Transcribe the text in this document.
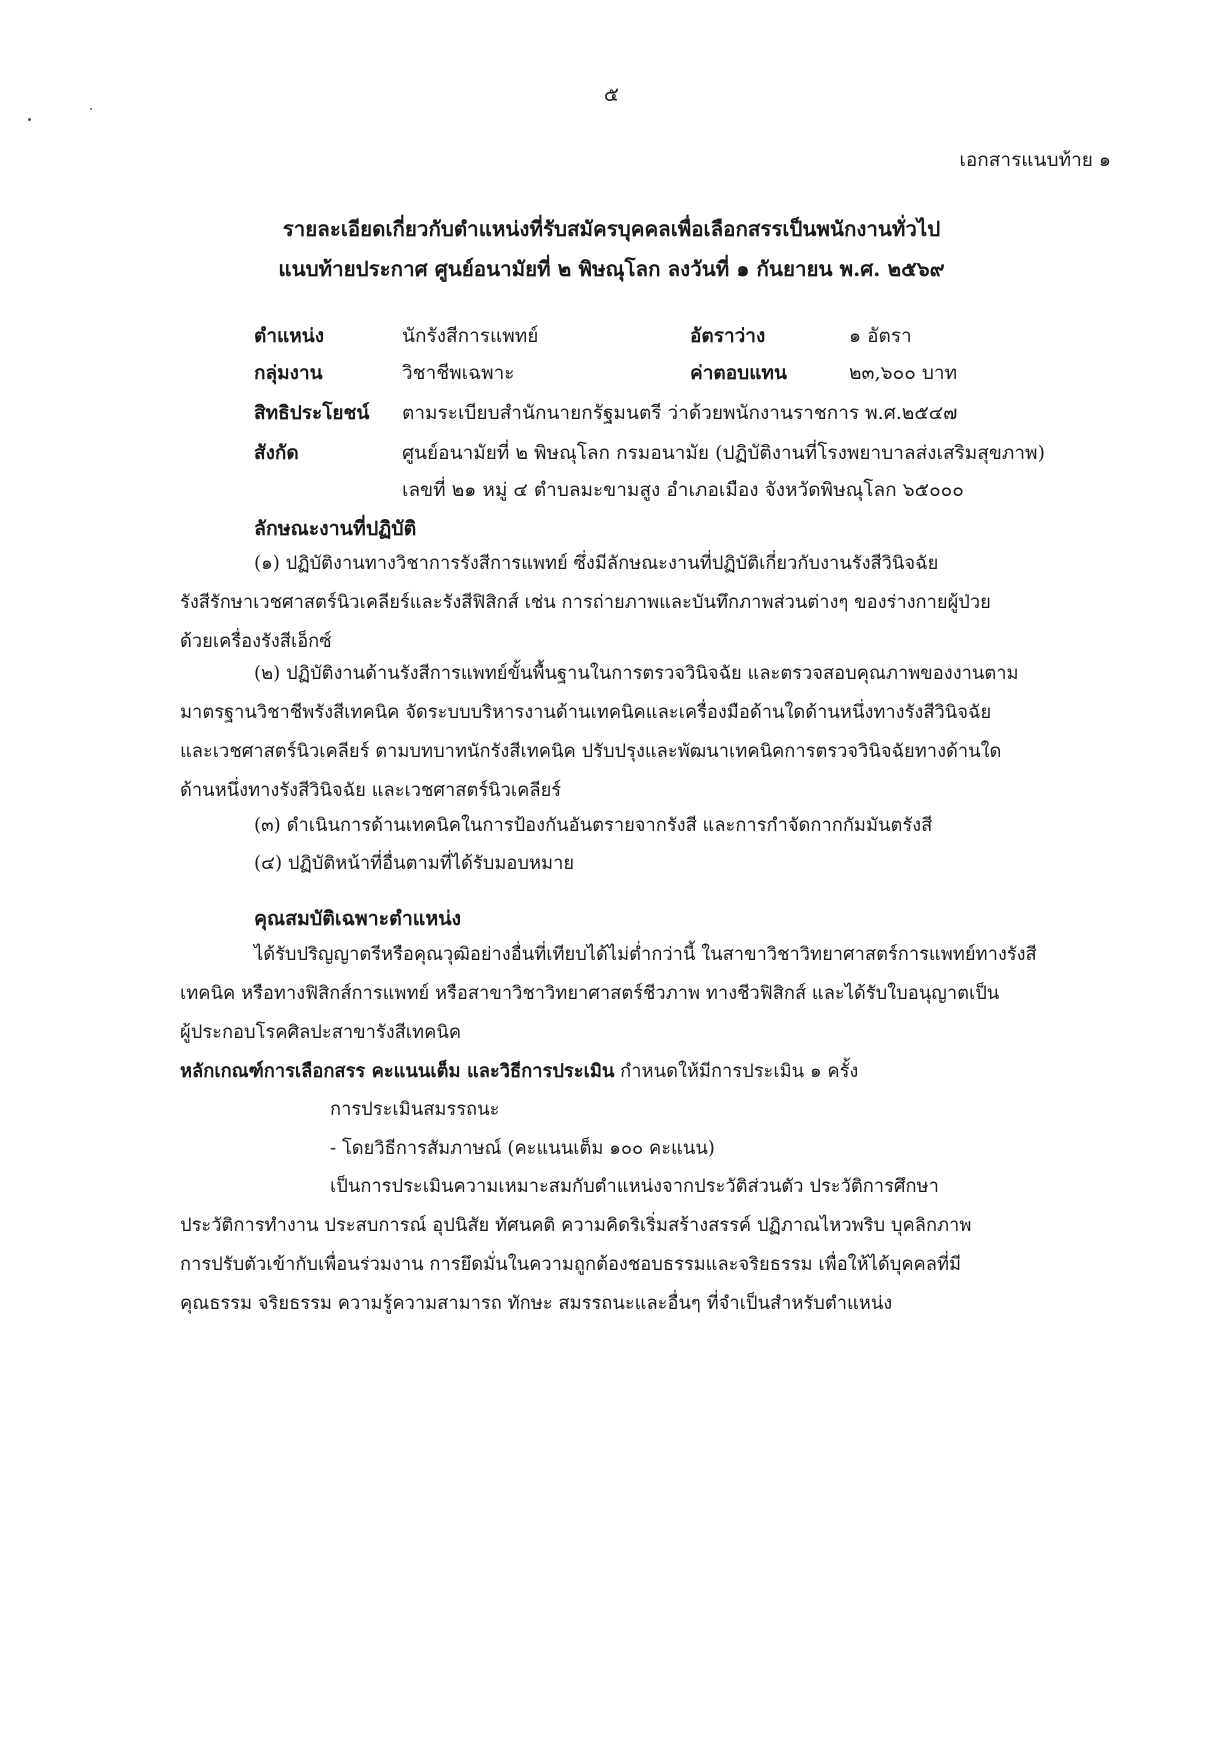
๕
เอกสารแนบท้าย ๑
รายละเอียดเกี่ยวกับตำแหน่งที่รับสมัครบุคคลเพื่อเลือกสรรเป็นพนักงานทั่วไป
แนบท้ายประกาศ ศูนย์อนามัยที่ ๒ พิษณุโลก ลงวันที่ ๑ กันยายน พ.ศ. ๒๕๖๙
ตำแหน่ง	นักรังสีการแพทย์	อัตราว่าง	๑ อัตรา
กลุ่มงาน	วิชาชีพเฉพาะ	ค่าตอบแทน	๒๓,๖๐๐ บาท
สิทธิประโยชน์ ตามระเบียบสำนักนายกรัฐมนตรี ว่าด้วยพนักงานราชการ พ.ศ.๒๕๔๗
สังกัด	ศูนย์อนามัยที่ ๒ พิษณุโลก กรมอนามัย (ปฏิบัติงานที่โรงพยาบาลส่งเสริมสุขภาพ)
เลขที่ ๒๑ หมู่ ๔ ตำบลมะขามสูง อำเภอเมือง จังหวัดพิษณุโลก ๖๕๐๐๐
ลักษณะงานที่ปฏิบัติ
(๑) ปฏิบัติงานทางวิชาการรังสีการแพทย์ ซึ่งมีลักษณะงานที่ปฏิบัติเกี่ยวกับงานรังสีวินิจฉัย
รังสีรักษาเวชศาสตร์นิวเคลียร์และรังสีฟิสิกส์ เช่น การถ่ายภาพและบันทึกภาพส่วนต่างๆ ของร่างกายผู้ป่วย
ด้วยเครื่องรังสีเอ็กซ์
(๒) ปฏิบัติงานด้านรังสีการแพทย์ขั้นพื้นฐานในการตรวจวินิจฉัย และตรวจสอบคุณภาพของงานตาม
มาตรฐานวิชาชีพรังสีเทคนิค จัดระบบบริหารงานด้านเทคนิคและเครื่องมือด้านใดด้านหนึ่งทางรังสีวินิจฉัย
และเวชศาสตร์นิวเคลียร์ ตามบทบาทนักรังสีเทคนิค ปรับปรุงและพัฒนาเทคนิคการตรวจวินิจฉัยทางด้านใด
ด้านหนึ่งทางรังสีวินิจฉัย และเวชศาสตร์นิวเคลียร์
(๓) ดำเนินการด้านเทคนิคในการป้องกันอันตรายจากรังสี และการกำจัดกากกัมมันตรังสี
(๔) ปฏิบัติหน้าที่อื่นตามที่ได้รับมอบหมาย
คุณสมบัติเฉพาะตำแหน่ง
ได้รับปริญญาตรีหรือคุณวุฒิอย่างอื่นที่เทียบได้ไม่ต่ำกว่านี้ ในสาขาวิชาวิทยาศาสตร์การแพทย์ทางรังสี
เทคนิค หรือทางฟิสิกส์การแพทย์ หรือสาขาวิชาวิทยาศาสตร์ชีวภาพ ทางชีวฟิสิกส์ และได้รับใบอนุญาตเป็น
ผู้ประกอบโรคศิลปะสาขารังสีเทคนิค
หลักเกณฑ์การเลือกสรร คะแนนเต็ม และวิธีการประเมิน กำหนดให้มีการประเมิน ๑ ครั้ง
การประเมินสมรรถนะ
- โดยวิธีการสัมภาษณ์ (คะแนนเต็ม ๑๐๐ คะแนน)
เป็นการประเมินความเหมาะสมกับตำแหน่งจากประวัติส่วนตัว ประวัติการศึกษา
ประวัติการทำงาน ประสบการณ์ อุปนิสัย ทัศนคติ ความคิดริเริ่มสร้างสรรค์ ปฏิภาณไหวพริบ บุคลิกภาพ
การปรับตัวเข้ากับเพื่อนร่วมงาน การยึดมั่นในความถูกต้องชอบธรรมและจริยธรรม เพื่อให้ได้บุคคลที่มี
คุณธรรม จริยธรรม ความรู้ความสามารถ ทักษะ สมรรถนะและอื่นๆ ที่จำเป็นสำหรับตำแหน่ง
